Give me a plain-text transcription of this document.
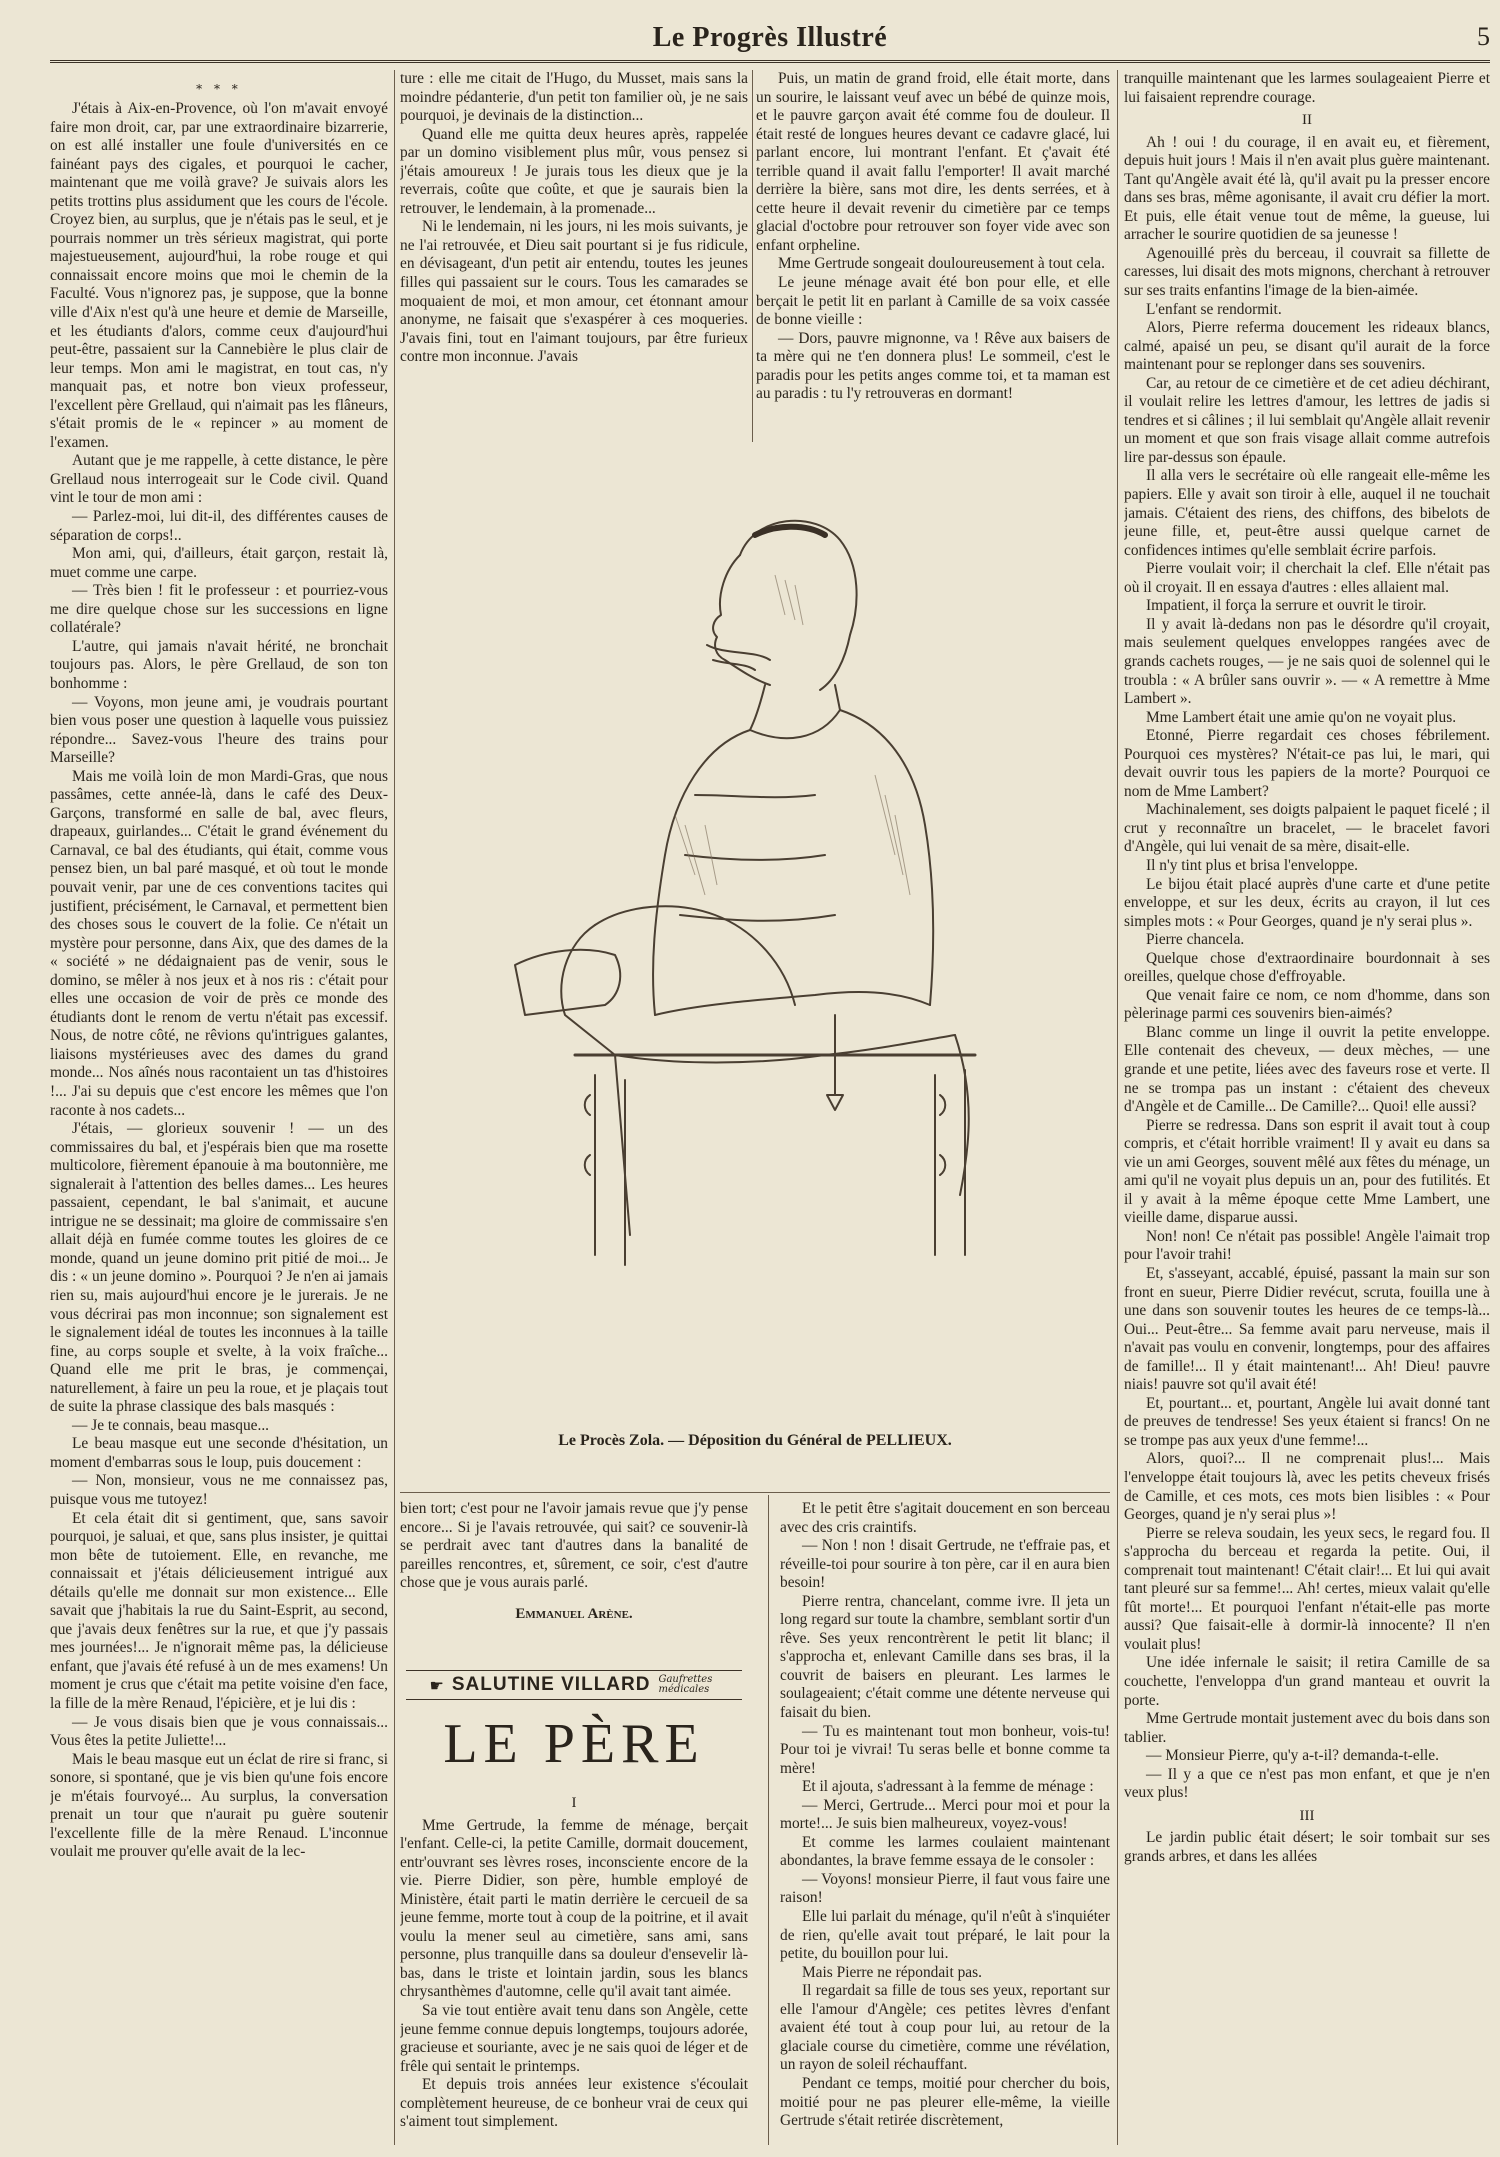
Le Progrès Illustré	5
* * *

J'étais à Aix-en-Provence, où l'on m'avait envoyé faire mon droit, car, par une extraordinaire bizarrerie, on est allé installer une foule d'universités en ce fainéant pays des cigales, et pourquoi le cacher, maintenant que me voilà grave? Je suivais alors les petits trottins plus assidument que les cours de l'école. Croyez bien, au surplus, que je n'étais pas le seul, et je pourrais nommer un très sérieux magistrat, qui porte majestueusement, aujourd'hui, la robe rouge et qui connaissait encore moins que moi le chemin de la Faculté. Vous n'ignorez pas, je suppose, que la bonne ville d'Aix n'est qu'à une heure et demie de Marseille, et les étudiants d'alors, comme ceux d'aujourd'hui peut-être, passaient sur la Cannebière le plus clair de leur temps. Mon ami le magistrat, en tout cas, n'y manquait pas, et notre bon vieux professeur, l'excellent père Grellaud, qui n'aimait pas les flâneurs, s'était promis de le « repincer » au moment de l'examen.

Autant que je me rappelle, à cette distance, le père Grellaud nous interrogeait sur le Code civil. Quand vint le tour de mon ami :

— Parlez-moi, lui dit-il, des différentes causes de séparation de corps!..

Mon ami, qui, d'ailleurs, était garçon, restait là, muet comme une carpe.

— Très bien ! fit le professeur : et pourriez-vous me dire quelque chose sur les successions en ligne collatérale?

L'autre, qui jamais n'avait hérité, ne bronchait toujours pas. Alors, le père Grellaud, de son ton bonhomme :

— Voyons, mon jeune ami, je voudrais pourtant bien vous poser une question à laquelle vous puissiez répondre... Savez-vous l'heure des trains pour Marseille?

Mais me voilà loin de mon Mardi-Gras, que nous passâmes, cette année-là, dans le café des Deux-Garçons, transformé en salle de bal, avec fleurs, drapeaux, guirlandes... C'était le grand événement du Carnaval, ce bal des étudiants, qui était, comme vous pensez bien, un bal paré masqué, et où tout le monde pouvait venir, par une de ces conventions tacites qui justifient, précisément, le Carnaval, et permettent bien des choses sous le couvert de la folie. Ce n'était un mystère pour personne, dans Aix, que des dames de la « société » ne dédaignaient pas de venir, sous le domino, se mêler à nos jeux et à nos ris : c'était pour elles une occasion de voir de près ce monde des étudiants dont le renom de vertu n'était pas excessif. Nous, de notre côté, ne rêvions qu'intrigues galantes, liaisons mystérieuses avec des dames du grand monde... Nos aînés nous racontaient un tas d'histoires !... J'ai su depuis que c'est encore les mêmes que l'on raconte à nos cadets...

J'étais, — glorieux souvenir ! — un des commissaires du bal, et j'espérais bien que ma rosette multicolore, fièrement épanouie à ma boutonnière, me signalerait à l'attention des belles dames... Les heures passaient, cependant, le bal s'animait, et aucune intrigue ne se dessinait; ma gloire de commissaire s'en allait déjà en fumée comme toutes les gloires de ce monde, quand un jeune domino prit pitié de moi... Je dis : « un jeune domino ». Pourquoi ? Je n'en ai jamais rien su, mais aujourd'hui encore je le jurerais. Je ne vous décrirai pas mon inconnue; son signalement est le signalement idéal de toutes les inconnues à la taille fine, au corps souple et svelte, à la voix fraîche... Quand elle me prit le bras, je commençai, naturellement, à faire un peu la roue, et je plaçais tout de suite la phrase classique des bals masqués :

— Je te connais, beau masque...

Le beau masque eut une seconde d'hésitation, un moment d'embarras sous le loup, puis doucement :

— Non, monsieur, vous ne me connaissez pas, puisque vous me tutoyez!

Et cela était dit si gentiment, que, sans savoir pourquoi, je saluai, et que, sans plus insister, je quittai mon bête de tutoiement. Elle, en revanche, me connaissait et j'étais délicieusement intrigué aux détails qu'elle me donnait sur mon existence... Elle savait que j'habitais la rue du Saint-Esprit, au second, que j'avais deux fenêtres sur la rue, et que j'y passais mes journées!... Je n'ignorait même pas, la délicieuse enfant, que j'avais été refusé à un de mes examens! Un moment je crus que c'était ma petite voisine d'en face, la fille de la mère Renaud, l'épicière, et je lui dis :

— Je vous disais bien que je vous connaissais... Vous êtes la petite Juliette!...

Mais le beau masque eut un éclat de rire si franc, si sonore, si spontané, que je vis bien qu'une fois encore je m'étais fourvoyé... Au surplus, la conversation prenait un tour que n'aurait pu guère soutenir l'excellente fille de la mère Renaud. L'inconnue voulait me prouver qu'elle avait de la lec-

ture : elle me citait de l'Hugo, du Musset, mais sans la moindre pédanterie, d'un petit ton familier où, je ne sais pourquoi, je devinais de la distinction...

Quand elle me quitta deux heures après, rappelée par un domino visiblement plus mûr, vous pensez si j'étais amoureux ! Je jurais tous les dieux que je la reverrais, coûte que coûte, et que je saurais bien la retrouver, le lendemain, à la promenade...

Ni le lendemain, ni les jours, ni les mois suivants, je ne l'ai retrouvée, et Dieu sait pourtant si je fus ridicule, en dévisageant, d'un petit air entendu, toutes les jeunes filles qui passaient sur le cours. Tous les camarades se moquaient de moi, et mon amour, cet étonnant amour anonyme, ne faisait que s'exaspérer à ces moqueries. J'avais fini, tout en l'aimant toujours, par être furieux contre mon inconnue. J'avais

Puis, un matin de grand froid, elle était morte, dans un sourire, le laissant veuf avec un bébé de quinze mois, et le pauvre garçon avait été comme fou de douleur. Il était resté de longues heures devant ce cadavre glacé, lui parlant encore, lui montrant l'enfant. Et ç'avait été terrible quand il avait fallu l'emporter! Il avait marché derrière la bière, sans mot dire, les dents serrées, et à cette heure il devait revenir du cimetière par ce temps glacial d'octobre pour retrouver son foyer vide avec son enfant orpheline.

Mme Gertrude songeait douloureusement à tout cela.

Le jeune ménage avait été bon pour elle, et elle berçait le petit lit en parlant à Camille de sa voix cassée de bonne vieille :

— Dors, pauvre mignonne, va ! Rêve aux baisers de ta mère qui ne t'en donnera plus! Le sommeil, c'est le paradis pour les petits anges comme toi, et ta maman est au paradis : tu l'y retrouveras en dormant!

tranquille maintenant que les larmes soulageaient Pierre et lui faisaient reprendre courage.

II

Ah ! oui ! du courage, il en avait eu, et fièrement, depuis huit jours ! Mais il n'en avait plus guère maintenant. Tant qu'Angèle avait été là, qu'il avait pu la presser encore dans ses bras, même agonisante, il avait cru défier la mort. Et puis, elle était venue tout de même, la gueuse, lui arracher le sourire quotidien de sa jeunesse !

Agenouillé près du berceau, il couvrait sa fillette de caresses, lui disait des mots mignons, cherchant à retrouver sur ses traits enfantins l'image de la bien-aimée.

L'enfant se rendormit.

Alors, Pierre referma doucement les rideaux blancs, calmé, apaisé un peu, se disant qu'il aurait de la force maintenant pour se replonger dans ses souvenirs.

Car, au retour de ce cimetière et de cet adieu déchirant, il voulait relire les lettres d'amour, les lettres de jadis si tendres et si câlines ; il lui semblait qu'Angèle allait revenir un moment et que son frais visage allait comme autrefois lire par-dessus son épaule.

Il alla vers le secrétaire où elle rangeait elle-même les papiers. Elle y avait son tiroir à elle, auquel il ne touchait jamais. C'étaient des riens, des chiffons, des bibelots de jeune fille, et, peut-être aussi quelque carnet de confidences intimes qu'elle semblait écrire parfois.

Pierre voulait voir; il cherchait la clef. Elle n'était pas où il croyait. Il en essaya d'autres : elles allaient mal.

Impatient, il força la serrure et ouvrit le tiroir.

Il y avait là-dedans non pas le désordre qu'il croyait, mais seulement quelques enveloppes rangées avec de grands cachets rouges, — je ne sais quoi de solennel qui le troubla : « A brûler sans ouvrir ». — « A remettre à Mme Lambert ».

Mme Lambert était une amie qu'on ne voyait plus.

Etonné, Pierre regardait ces choses fébrilement. Pourquoi ces mystères? N'était-ce pas lui, le mari, qui devait ouvrir tous les papiers de la morte? Pourquoi ce nom de Mme Lambert?

Machinalement, ses doigts palpaient le paquet ficelé ; il crut y reconnaître un bracelet, — le bracelet favori d'Angèle, qui lui venait de sa mère, disait-elle.

Il n'y tint plus et brisa l'enveloppe.

Le bijou était placé auprès d'une carte et d'une petite enveloppe, et sur les deux, écrits au crayon, il lut ces simples mots : « Pour Georges, quand je n'y serai plus ».

Pierre chancela.

Quelque chose d'extraordinaire bourdonnait à ses oreilles, quelque chose d'effroyable.

Que venait faire ce nom, ce nom d'homme, dans son pèlerinage parmi ces souvenirs bien-aimés?

Blanc comme un linge il ouvrit la petite enveloppe. Elle contenait des cheveux, — deux mèches, — une grande et une petite, liées avec des faveurs rose et verte. Il ne se trompa pas un instant : c'étaient des cheveux d'Angèle et de Camille... De Camille?... Quoi! elle aussi?

Pierre se redressa. Dans son esprit il avait tout à coup compris, et c'était horrible vraiment! Il y avait eu dans sa vie un ami Georges, souvent mêlé aux fêtes du ménage, un ami qu'il ne voyait plus depuis un an, pour des futilités. Et il y avait à la même époque cette Mme Lambert, une vieille dame, disparue aussi.

Non! non! Ce n'était pas possible! Angèle l'aimait trop pour l'avoir trahi!

Et, s'asseyant, accablé, épuisé, passant la main sur son front en sueur, Pierre Didier revécut, scruta, fouilla une à une dans son souvenir toutes les heures de ce temps-là... Oui... Peut-être... Sa femme avait paru nerveuse, mais il n'avait pas voulu en convenir, longtemps, pour des affaires de famille!... Il y était maintenant!... Ah! Dieu! pauvre niais! pauvre sot qu'il avait été!

Et, pourtant... et, pourtant, Angèle lui avait donné tant de preuves de tendresse! Ses yeux étaient si francs! On ne se trompe pas aux yeux d'une femme!...

Alors, quoi?... Il ne comprenait plus!... Mais l'enveloppe était toujours là, avec les petits cheveux frisés de Camille, et ces mots, ces mots bien lisibles : « Pour Georges, quand je n'y serai plus »!

Pierre se releva soudain, les yeux secs, le regard fou. Il s'approcha du berceau et regarda la petite. Oui, il comprenait tout maintenant! C'était clair!... Et lui qui avait tant pleuré sur sa femme!... Ah! certes, mieux valait qu'elle fût morte!... Et pourquoi l'enfant n'était-elle pas morte aussi? Que faisait-elle à dormir-là innocente? Il n'en voulait plus!

Une idée infernale le saisit; il retira Camille de sa couchette, l'enveloppa d'un grand manteau et ouvrit la porte.

Mme Gertrude montait justement avec du bois dans son tablier.

— Monsieur Pierre, qu'y a-t-il? demanda-t-elle.

— Il y a que ce n'est pas mon enfant, et que je n'en veux plus!

III

Le jardin public était désert; le soir tombait sur ses grands arbres, et dans les allées

Le Procès Zola. — Déposition du Général de PELLIEUX.

bien tort; c'est pour ne l'avoir jamais revue que j'y pense encore... Si je l'avais retrouvée, qui sait? ce souvenir-là se perdrait avec tant d'autres dans la banalité de pareilles rencontres, et, sûrement, ce soir, c'est d'autre chose que je vous aurais parlé.

Emmanuel Arène.
☛ SALUTINE VILLARD Gaufrettes médicales
LE PÈRE

I

Mme Gertrude, la femme de ménage, berçait l'enfant. Celle-ci, la petite Camille, dormait doucement, entr'ouvrant ses lèvres roses, inconsciente encore de la vie. Pierre Didier, son père, humble employé de Ministère, était parti le matin derrière le cercueil de sa jeune femme, morte tout à coup de la poitrine, et il avait voulu la mener seul au cimetière, sans ami, sans personne, plus tranquille dans sa douleur d'ensevelir là-bas, dans le triste et lointain jardin, sous les blancs chrysanthèmes d'automne, celle qu'il avait tant aimée.

Sa vie tout entière avait tenu dans son Angèle, cette jeune femme connue depuis longtemps, toujours adorée, gracieuse et souriante, avec je ne sais quoi de léger et de frêle qui sentait le printemps.

Et depuis trois années leur existence s'écoulait complètement heureuse, de ce bonheur vrai de ceux qui s'aiment tout simplement.

Et le petit être s'agitait doucement en son berceau avec des cris craintifs.

— Non ! non ! disait Gertrude, ne t'effraie pas, et réveille-toi pour sourire à ton père, car il en aura bien besoin!

Pierre rentra, chancelant, comme ivre. Il jeta un long regard sur toute la chambre, semblant sortir d'un rêve. Ses yeux rencontrèrent le petit lit blanc; il s'approcha et, enlevant Camille dans ses bras, il la couvrit de baisers en pleurant. Les larmes le soulageaient; c'était comme une détente nerveuse qui faisait du bien.

— Tu es maintenant tout mon bonheur, vois-tu! Pour toi je vivrai! Tu seras belle et bonne comme ta mère!

Et il ajouta, s'adressant à la femme de ménage :

— Merci, Gertrude... Merci pour moi et pour la morte!... Je suis bien malheureux, voyez-vous!

Et comme les larmes coulaient maintenant abondantes, la brave femme essaya de le consoler :

— Voyons! monsieur Pierre, il faut vous faire une raison!

Elle lui parlait du ménage, qu'il n'eût à s'inquiéter de rien, qu'elle avait tout préparé, le lait pour la petite, du bouillon pour lui.

Mais Pierre ne répondait pas.

Il regardait sa fille de tous ses yeux, reportant sur elle l'amour d'Angèle; ces petites lèvres d'enfant avaient été tout à coup pour lui, au retour de la glaciale course du cimetière, comme une révélation, un rayon de soleil réchauffant.

Pendant ce temps, moitié pour chercher du bois, moitié pour ne pas pleurer elle-même, la vieille Gertrude s'était retirée discrètement,
